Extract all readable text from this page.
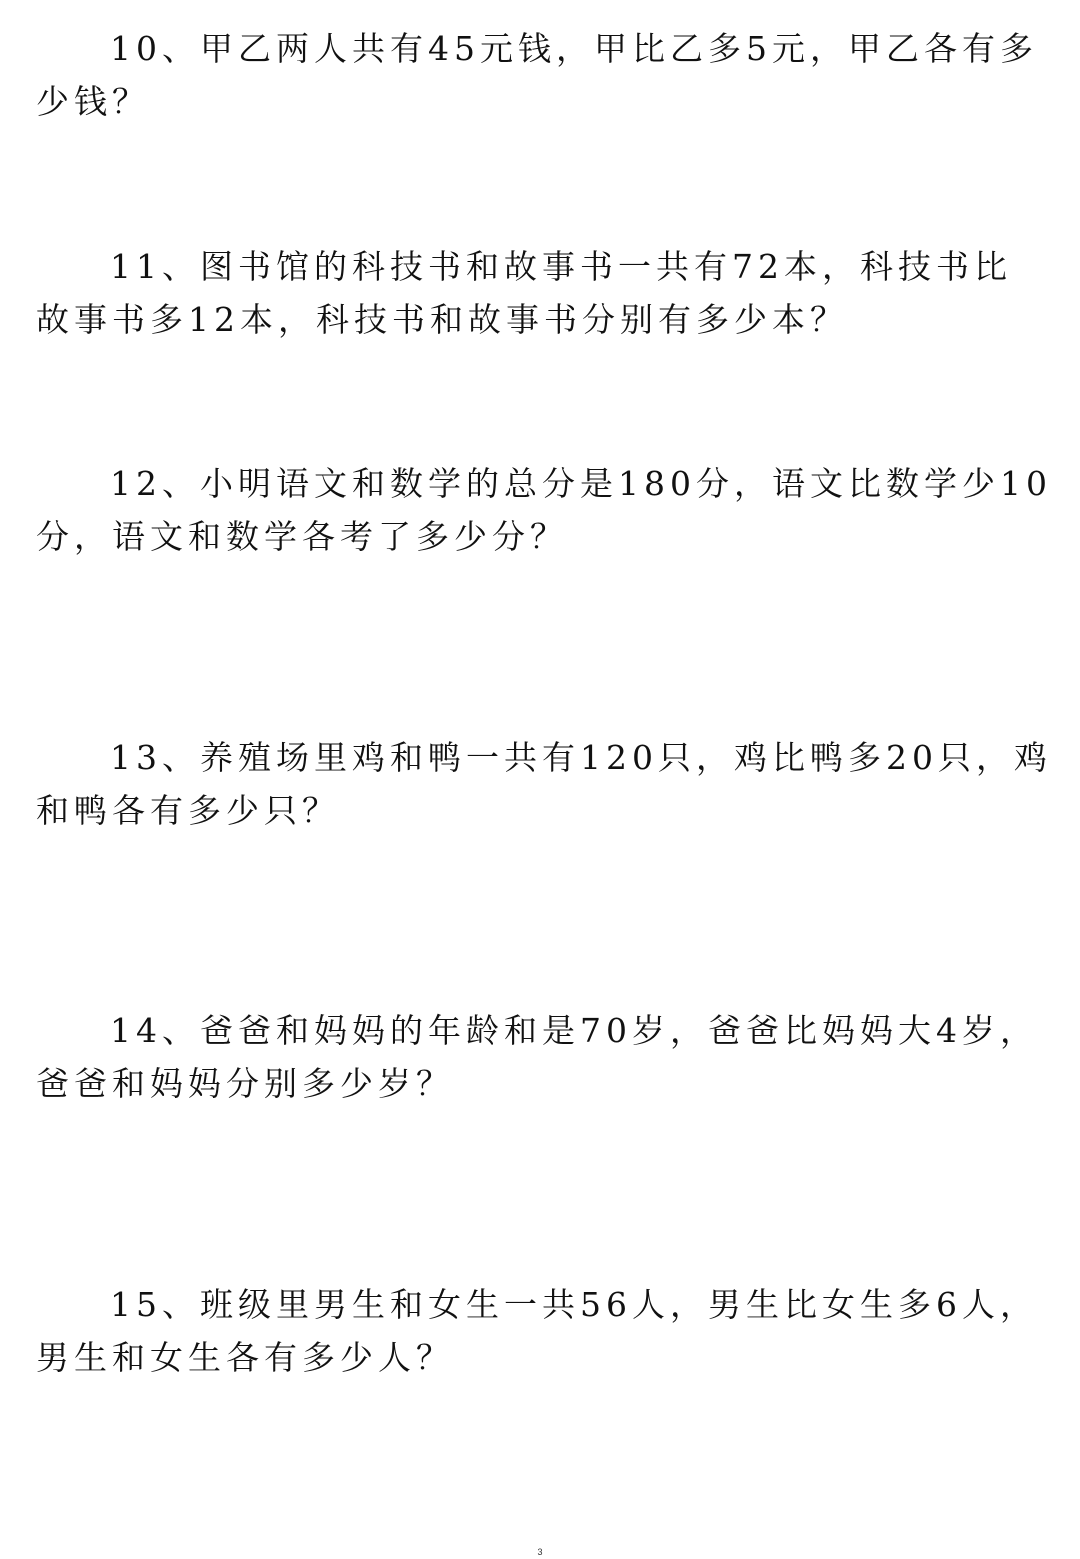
10、甲乙两人共有45元钱，甲比乙多5元，甲乙各有多
少钱？

11、图书馆的科技书和故事书一共有72本，科技书比
故事书多12本，科技书和故事书分别有多少本？

12、小明语文和数学的总分是180分，语文比数学少10
分，语文和数学各考了多少分？

13、养殖场里鸡和鸭一共有120只，鸡比鸭多20只，鸡
和鸭各有多少只？

14、爸爸和妈妈的年龄和是70岁，爸爸比妈妈大4岁，
爸爸和妈妈分别多少岁？

15、班级里男生和女生一共56人，男生比女生多6人，
男生和女生各有多少人？

3
